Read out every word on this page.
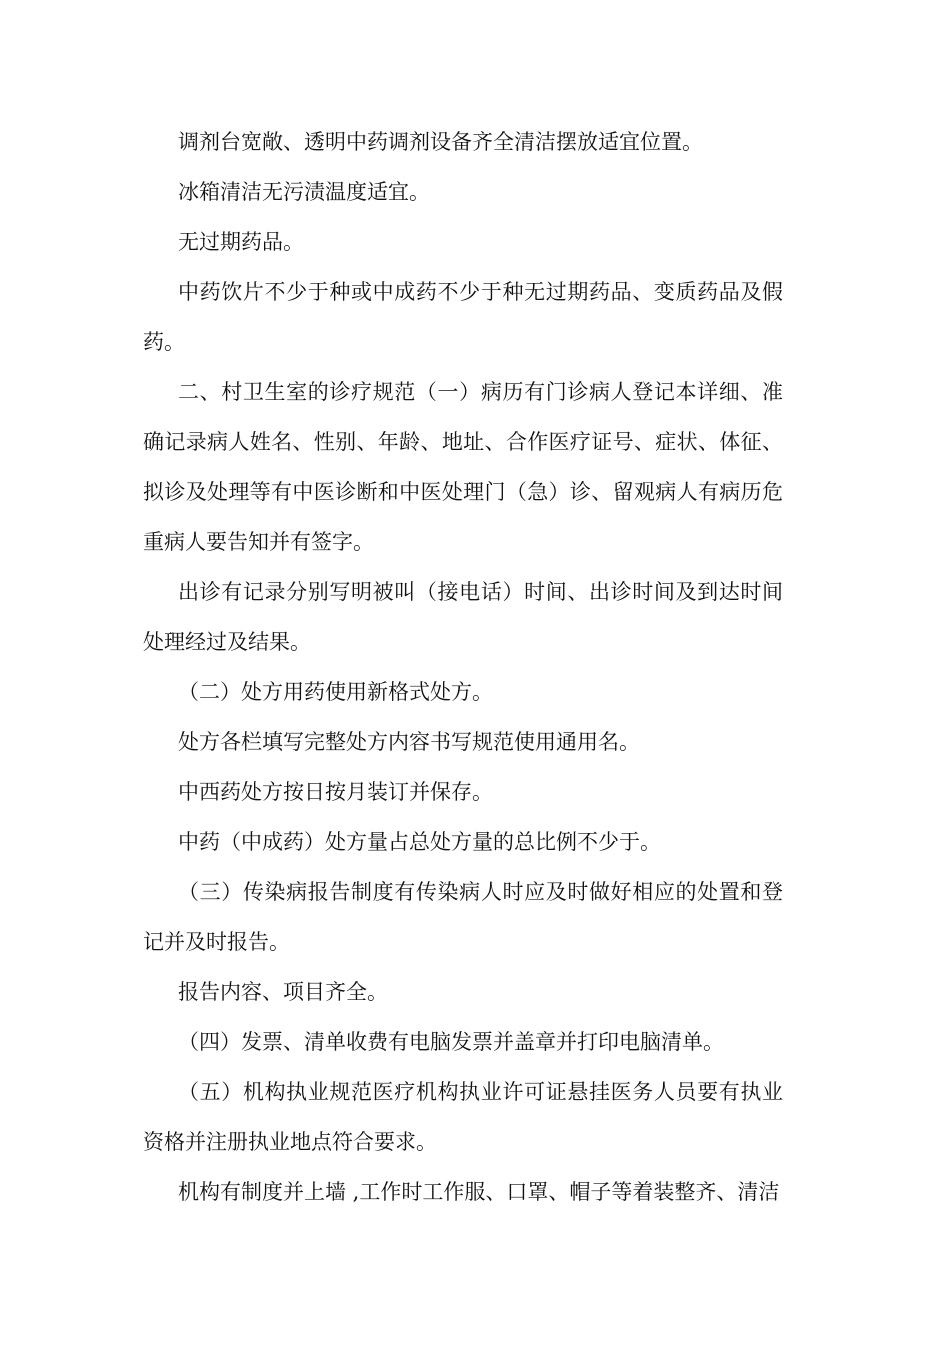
调剂台宽敞、透明中药调剂设备齐全清洁摆放适宜位置。

冰箱清洁无污渍温度适宜。

无过期药品。

中药饮片不少于种或中成药不少于种无过期药品、变质药品及假药。

二、村卫生室的诊疗规范（一）病历有门诊病人登记本详细、准确记录病人姓名、性别、年龄、地址、合作医疗证号、症状、体征、拟诊及处理等有中医诊断和中医处理门（急）诊、留观病人有病历危重病人要告知并有签字。

出诊有记录分别写明被叫（接电话）时间、出诊时间及到达时间处理经过及结果。

（二）处方用药使用新格式处方。

处方各栏填写完整处方内容书写规范使用通用名。

中西药处方按日按月装订并保存。

中药（中成药）处方量占总处方量的总比例不少于。

（三）传染病报告制度有传染病人时应及时做好相应的处置和登记并及时报告。

报告内容、项目齐全。

（四）发票、清单收费有电脑发票并盖章并打印电脑清单。

（五）机构执业规范医疗机构执业许可证悬挂医务人员要有执业资格并注册执业地点符合要求。

机构有制度并上墙 ,工作时工作服、口罩、帽子等着装整齐、清洁
